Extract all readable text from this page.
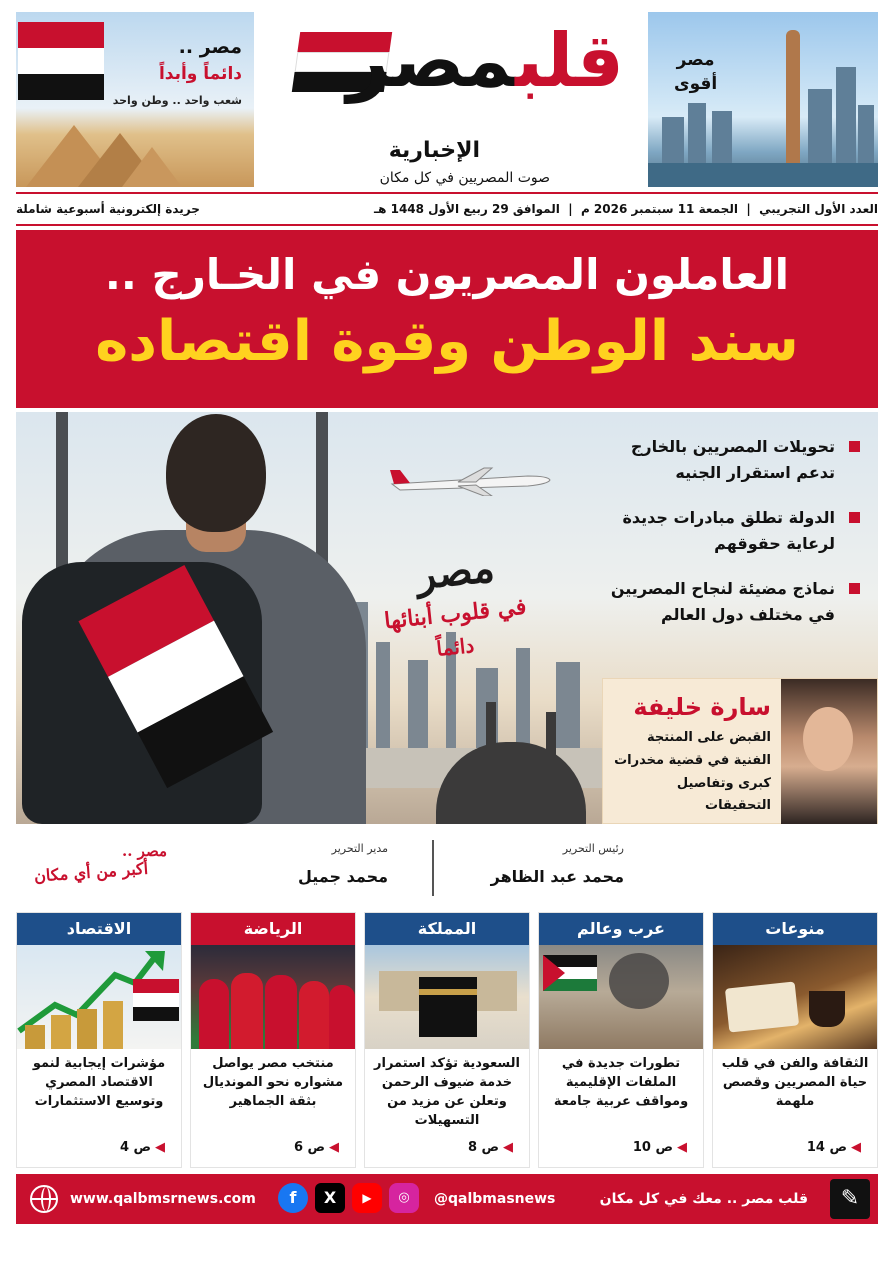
مصر ..
دائماً وأبداً
شعب واحد .. وطن واحد	قلبمصر
الإخبارية
صوت المصريين في كل مكان
مصر
أقوى
العدد الأول التجريبي  |  الجمعة 11 سبتمبر 2026 م  |  الموافق 29 ربيع الأول 1448 هـ
جريدة إلكترونية أسبوعية شاملة
العاملون المصريون في الخـارج ..
سند الوطن وقوة اقتصاده
مصر
في قلوب أبنائها
دائماً
تحويلات المصريين بالخارج تدعم استقرار الجنيه
الدولة تطلق مبادرات جديدة لرعاية حقوقهم
نماذج مضيئة لنجاح المصريين في مختلف دول العالم
سارة خليفة
القبض على المنتجة الفنية في قضية مخدرات كبرى وتفاصيل التحقيقات
رئيس التحرير
محمد عبد الظاهر
مدير التحرير
محمد جميل
مصر ..
أكبر من أي مكان
منوعات
الثقافة والفن في قلب حياة المصريين وقصص ملهمة
◀ص 14
عرب وعالم
تطورات جديدة في الملفات الإقليمية ومواقف عربية جامعة
◀ص 10
المملكة
السعودية تؤكد استمرار خدمة ضيوف الرحمن وتعلن عن مزيد من التسهيلات
◀ص 8
الرياضة
منتخب مصر يواصل مشواره نحو المونديال بثقة الجماهير
◀ص 6
الاقتصاد
مؤشرات إيجابية لنمو الاقتصاد المصري وتوسيع الاستثمارات
◀ص 4
www.qalbmsrnews.com	f	X	▶	◎	@qalbmasnews	قلب مصر .. معك في كل مكان	✎
